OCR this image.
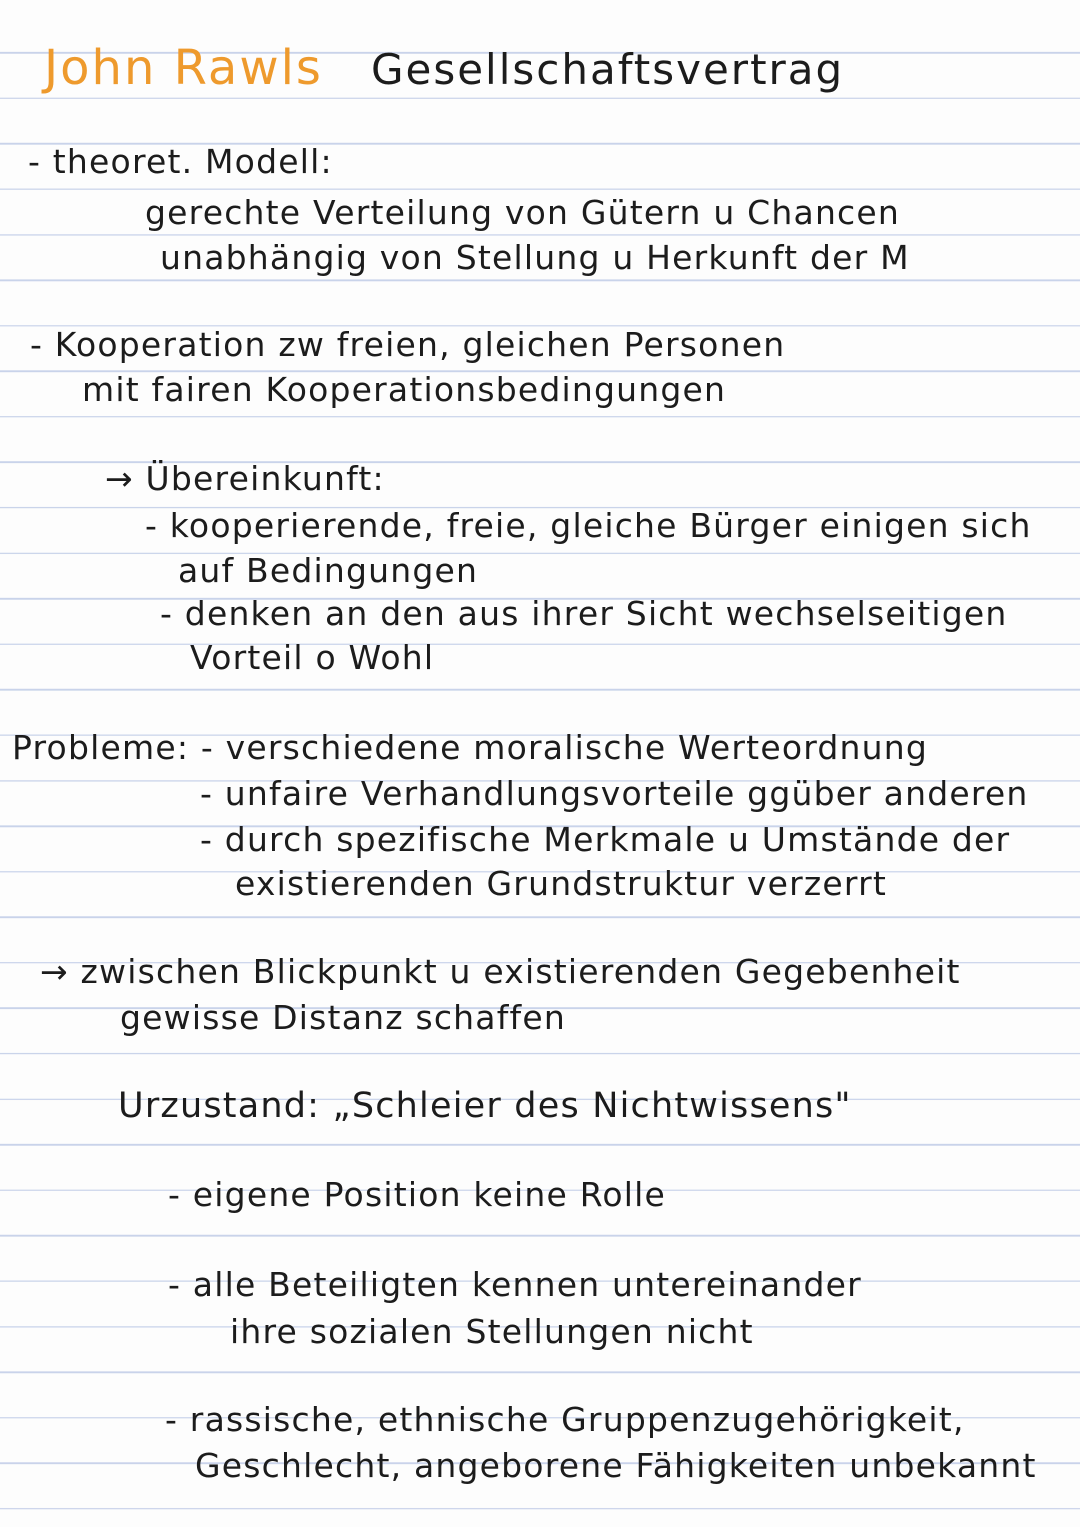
John Rawls Gesellschaftsvertrag

- theoret. Modell:

gerechte Verteilung von Gütern u Chancen

unabhängig von Stellung u Herkunft der M

- Kooperation zw freien, gleichen Personen

mit fairen Kooperationsbedingungen

→ Übereinkunft:

- kooperierende, freie, gleiche Bürger einigen sich

auf Bedingungen

- denken an den aus ihrer Sicht wechselseitigen

Vorteil o Wohl

Probleme: - verschiedene moralische Werteordnung

- unfaire Verhandlungsvorteile ggüber anderen

- durch spezifische Merkmale u Umstände der

existierenden Grundstruktur verzerrt

→ zwischen Blickpunkt u existierenden Gegebenheit

gewisse Distanz schaffen

Urzustand: „Schleier des Nichtwissens"

- eigene Position keine Rolle

- alle Beteiligten kennen untereinander

ihre sozialen Stellungen nicht

- rassische, ethnische Gruppenzugehörigkeit,

Geschlecht, angeborene Fähigkeiten unbekannt
